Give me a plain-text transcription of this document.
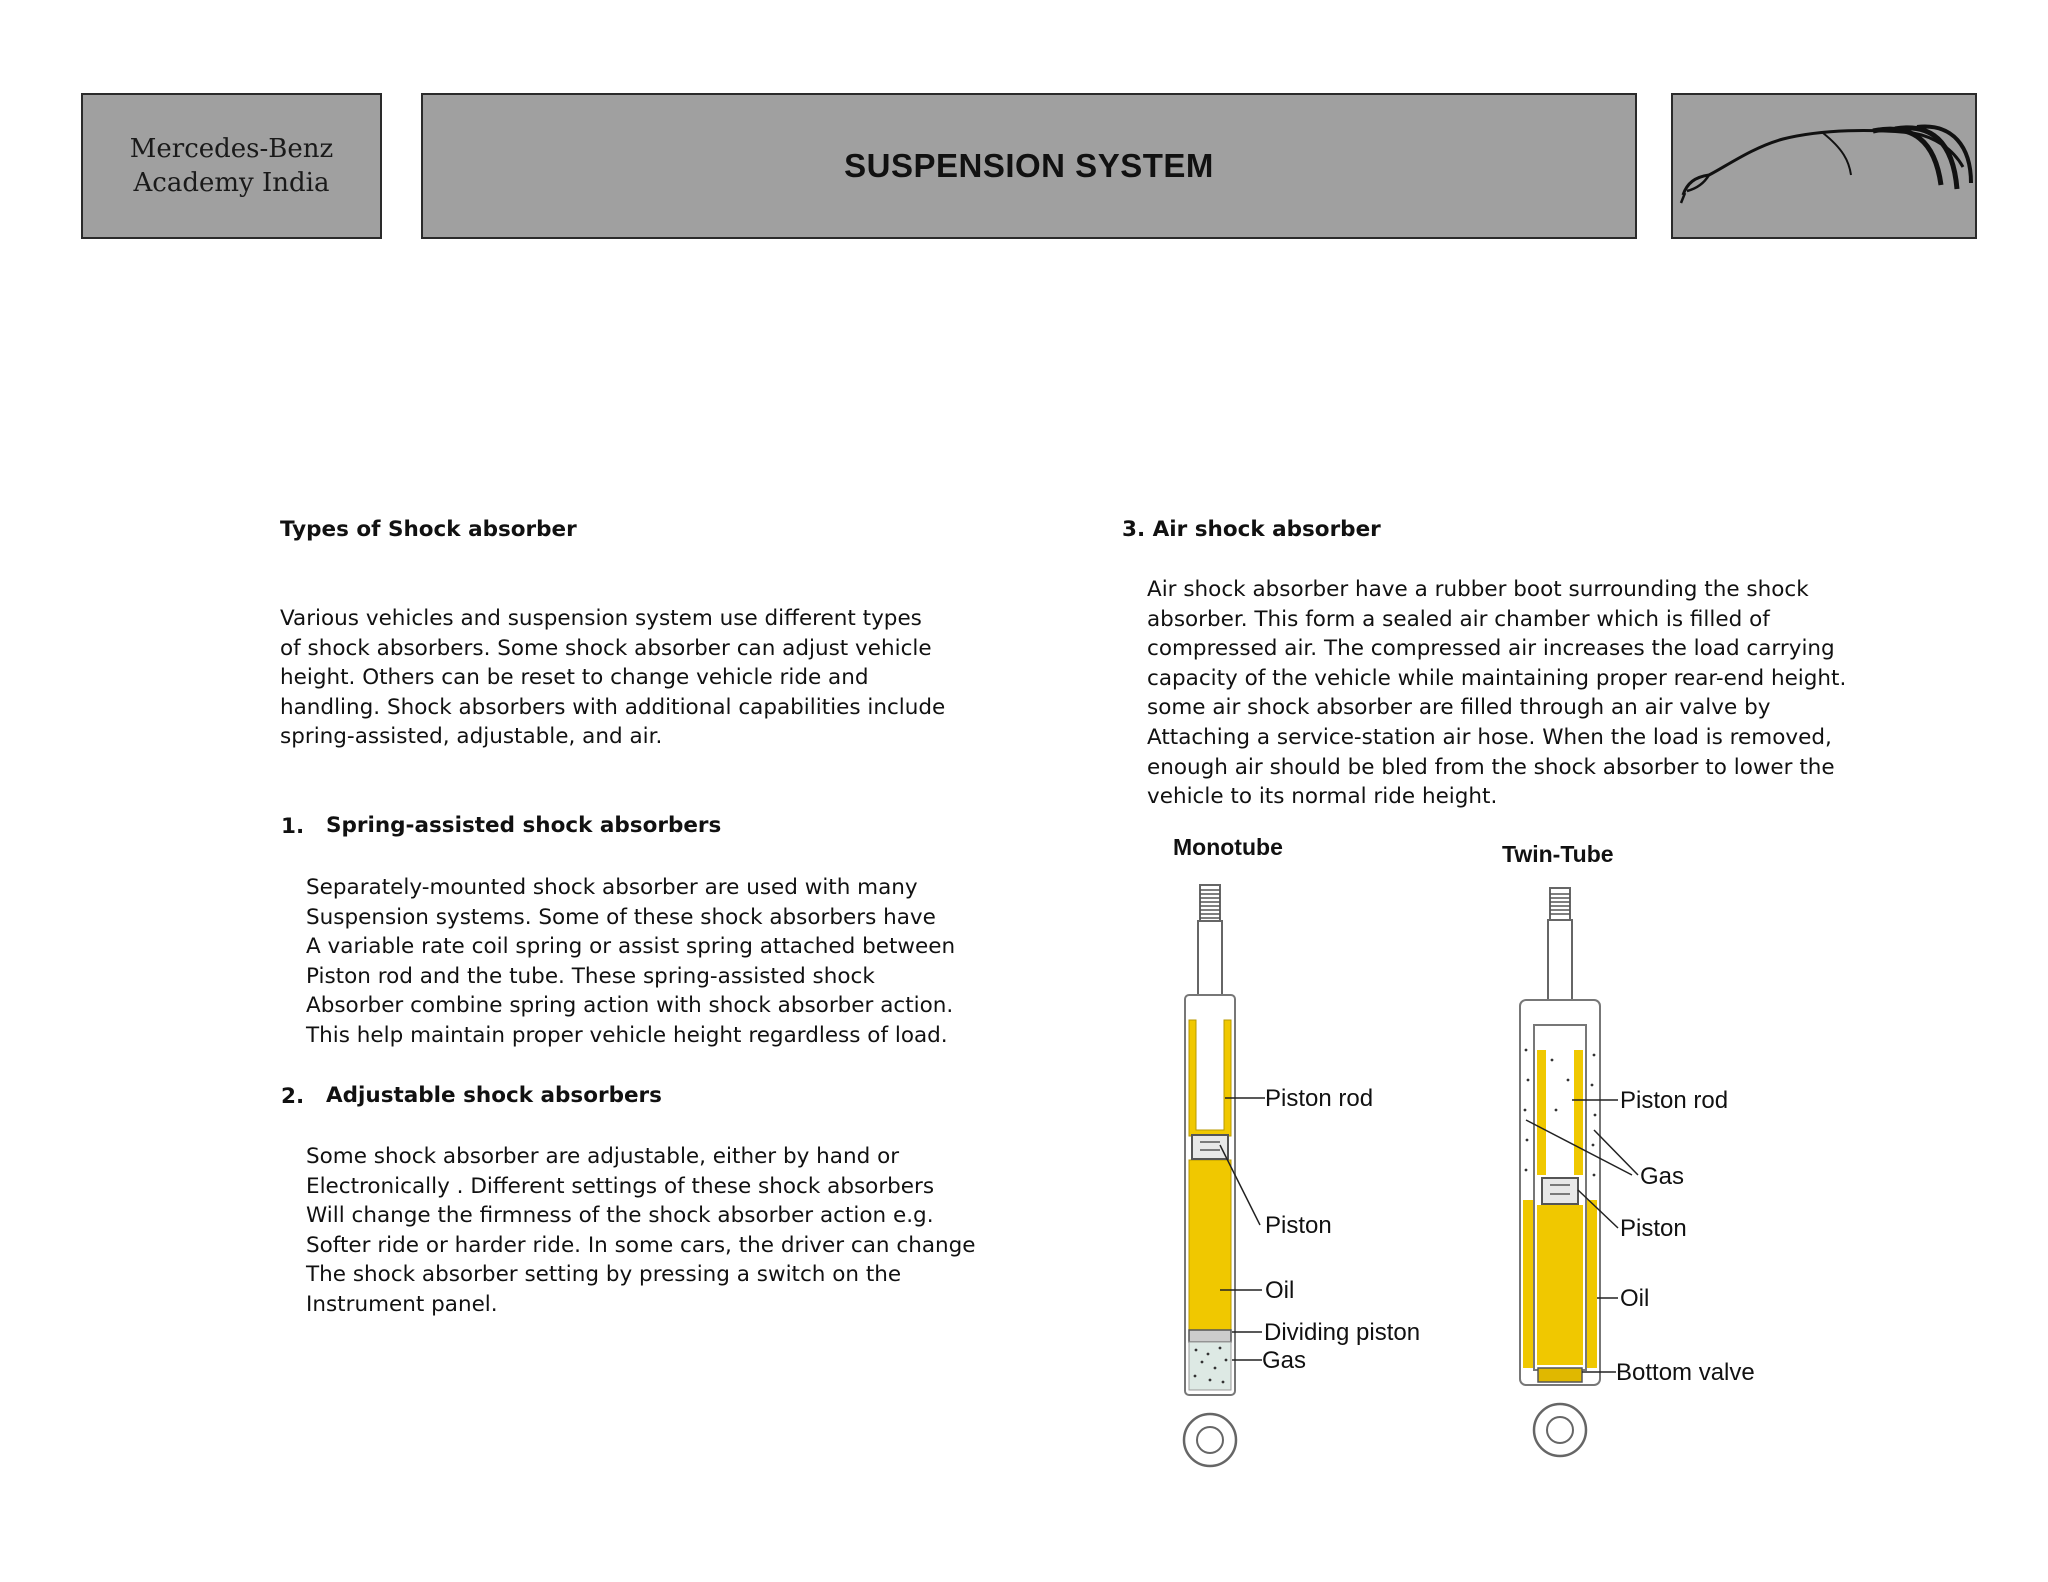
Mercedes-Benz
Academy India	SUSPENSION SYSTEM
Types of Shock absorber
Various vehicles and suspension system use different types
of shock absorbers. Some shock absorber can adjust vehicle
height. Others can be reset to change vehicle ride and
handling. Shock absorbers with additional capabilities include
spring-assisted, adjustable, and air.
1. Spring-assisted shock absorbers
Separately-mounted shock absorber are used with many
Suspension systems. Some of these shock absorbers have
A variable rate coil spring or assist spring attached between
Piston rod and the tube. These spring-assisted shock
Absorber combine spring action with shock absorber action.
This help maintain proper vehicle height regardless of load.
2. Adjustable shock absorbers
Some shock absorber are adjustable, either by hand or
Electronically . Different settings of these shock absorbers
Will change the firmness of the shock absorber action e.g.
Softer ride or harder ride. In some cars, the driver can change
The shock absorber setting by pressing a switch on the
Instrument panel.
3. Air shock absorber
Air shock absorber have a rubber boot surrounding the shock
absorber. This form a sealed air chamber which is filled of
compressed air. The compressed air increases the load carrying
capacity of the vehicle while maintaining proper rear-end height.
some air shock absorber are filled through an air valve by
Attaching a service-station air hose. When the load is removed,
enough air should be bled from the shock absorber to lower the
vehicle to its normal ride height.
Monotube
Piston rod
Piston
Oil
Dividing piston
Gas
Twin-Tube
Piston rod
Gas
Piston
Oil
Bottom valve
